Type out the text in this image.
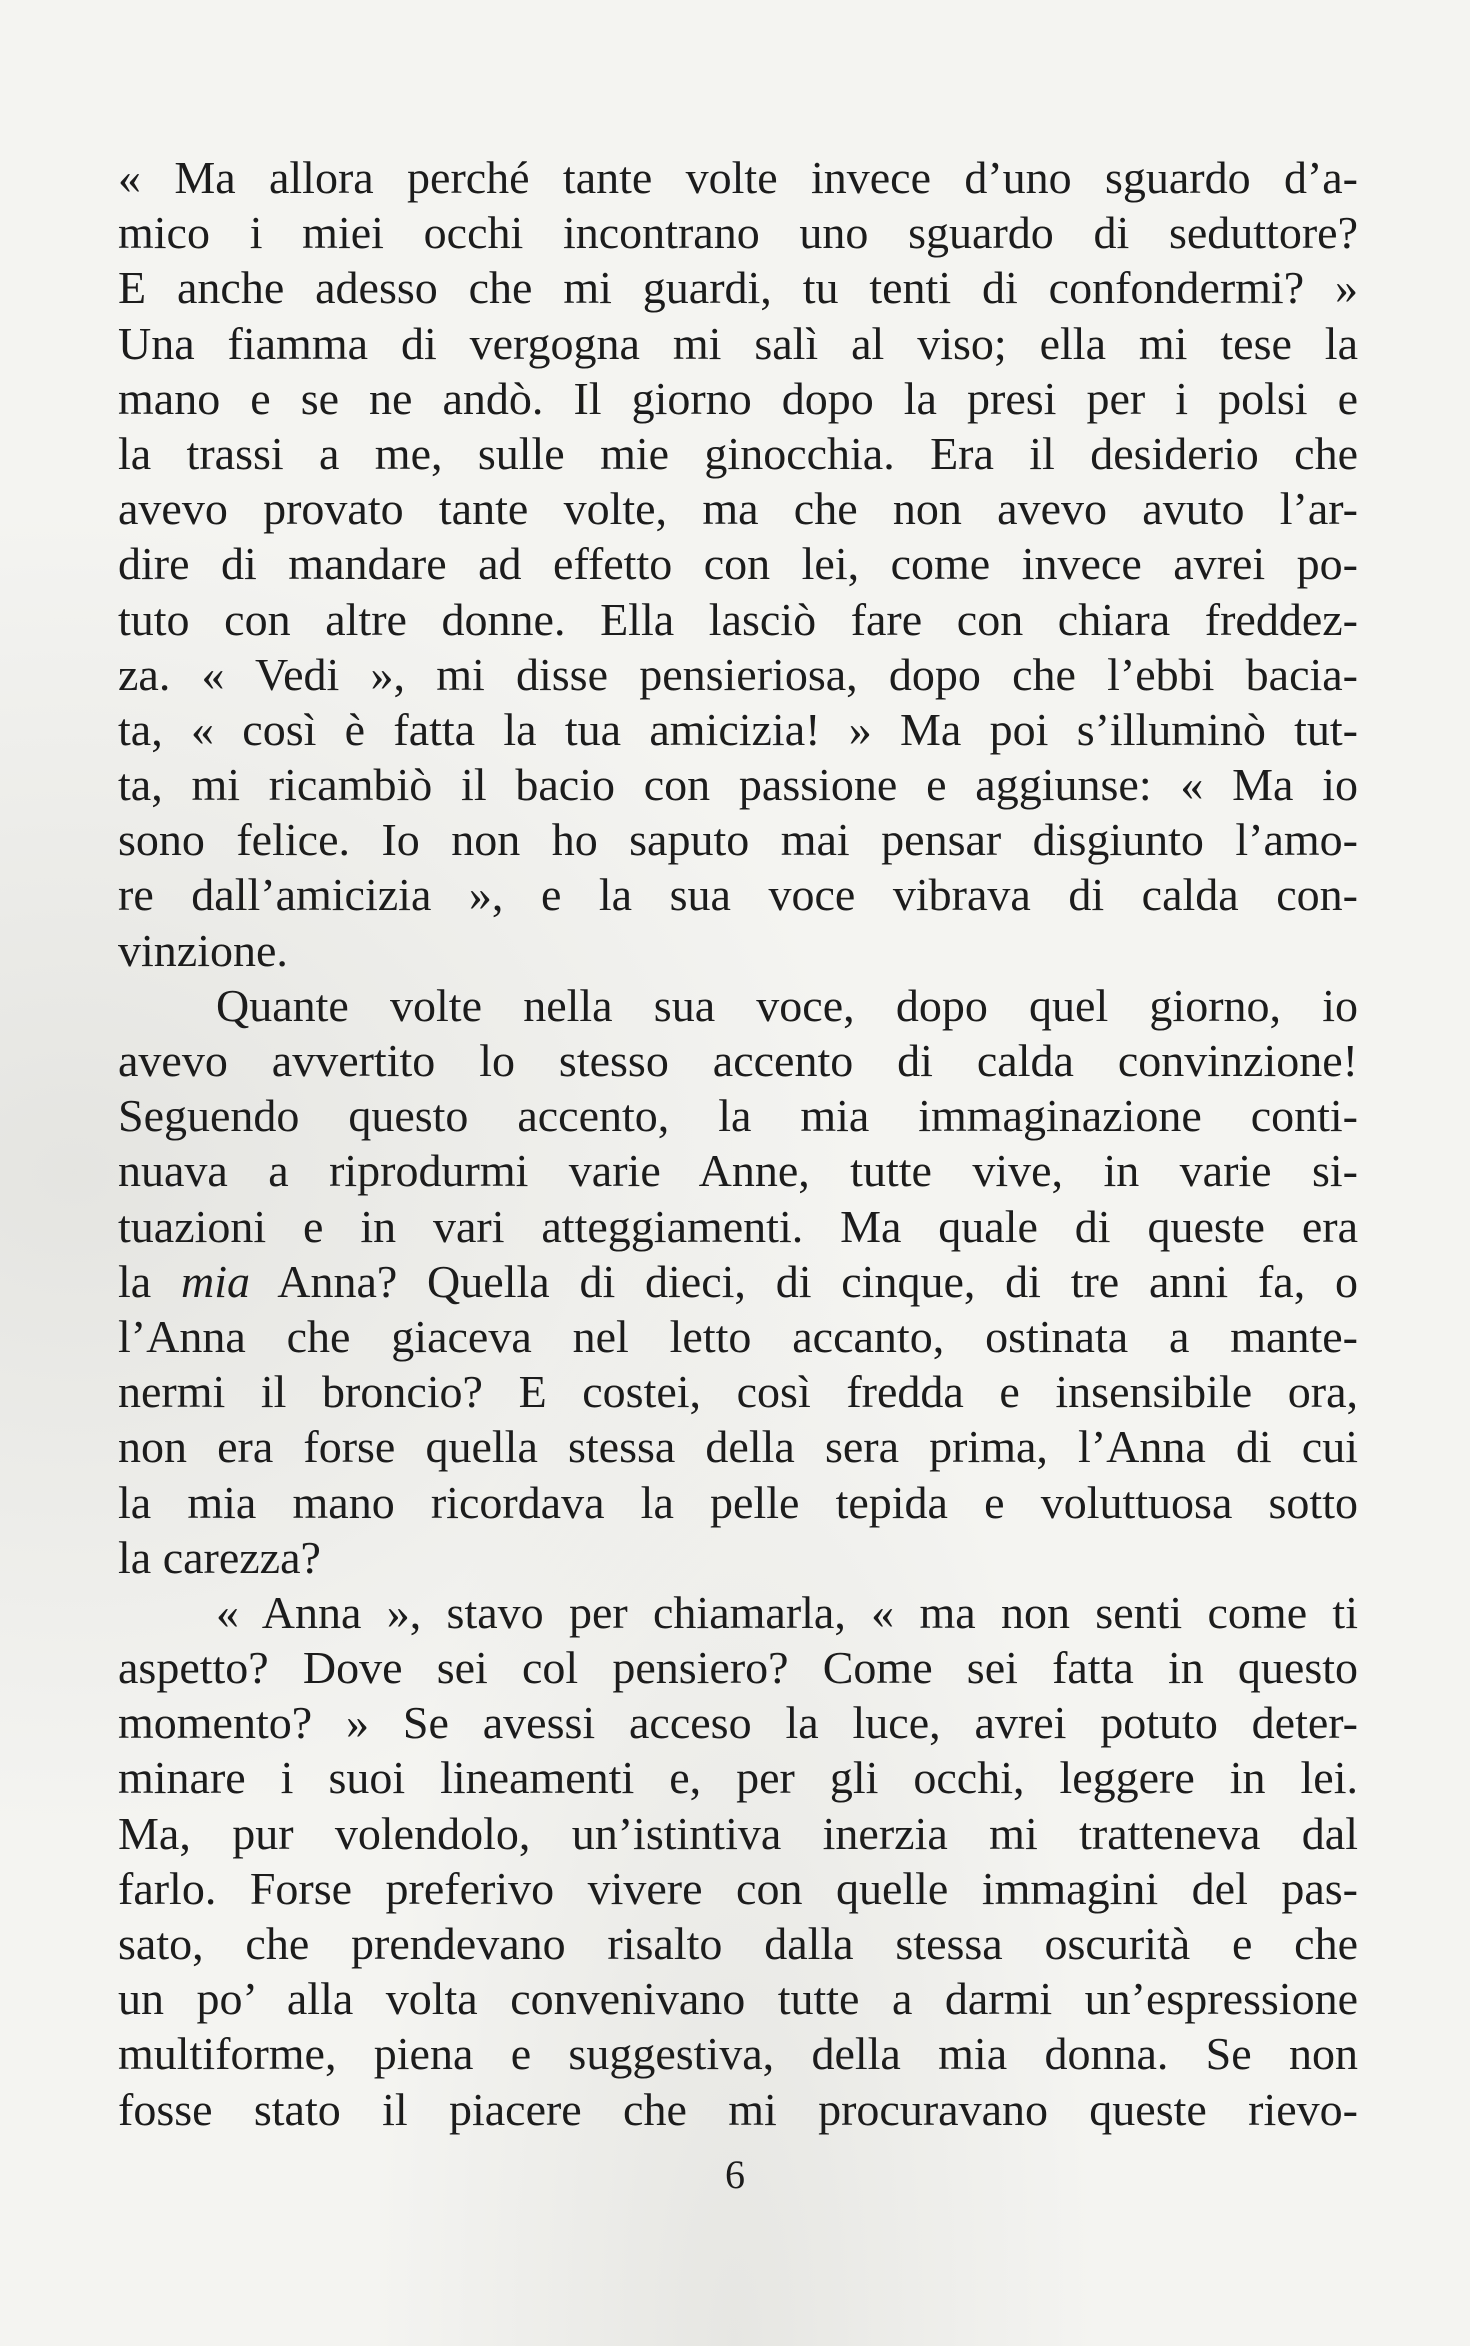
« Ma allora perché tante volte invece d’uno sguardo d’a-
mico i miei occhi incontrano uno sguardo di seduttore?
E anche adesso che mi guardi, tu tenti di confondermi? »
Una fiamma di vergogna mi salì al viso; ella mi tese la
mano e se ne andò. Il giorno dopo la presi per i polsi e
la trassi a me, sulle mie ginocchia. Era il desiderio che
avevo provato tante volte, ma che non avevo avuto l’ar-
dire di mandare ad effetto con lei, come invece avrei po-
tuto con altre donne. Ella lasciò fare con chiara freddez-
za. « Vedi », mi disse pensieriosa, dopo che l’ebbi bacia-
ta, « così è fatta la tua amicizia! » Ma poi s’illuminò tut-
ta, mi ricambiò il bacio con passione e aggiunse: « Ma io
sono felice. Io non ho saputo mai pensar disgiunto l’amo-
re dall’amicizia », e la sua voce vibrava di calda con-
vinzione.
Quante volte nella sua voce, dopo quel giorno, io
avevo avvertito lo stesso accento di calda convinzione!
Seguendo questo accento, la mia immaginazione conti-
nuava a riprodurmi varie Anne, tutte vive, in varie si-
tuazioni e in vari atteggiamenti. Ma quale di queste era
la mia Anna? Quella di dieci, di cinque, di tre anni fa, o
l’Anna che giaceva nel letto accanto, ostinata a mante-
nermi il broncio? E costei, così fredda e insensibile ora,
non era forse quella stessa della sera prima, l’Anna di cui
la mia mano ricordava la pelle tepida e voluttuosa sotto
la carezza?
« Anna », stavo per chiamarla, « ma non senti come ti
aspetto? Dove sei col pensiero? Come sei fatta in questo
momento? » Se avessi acceso la luce, avrei potuto deter-
minare i suoi lineamenti e, per gli occhi, leggere in lei.
Ma, pur volendolo, un’istintiva inerzia mi tratteneva dal
farlo. Forse preferivo vivere con quelle immagini del pas-
sato, che prendevano risalto dalla stessa oscurità e che
un po’ alla volta convenivano tutte a darmi un’espressione
multiforme, piena e suggestiva, della mia donna. Se non
fosse stato il piacere che mi procuravano queste rievo-
6
